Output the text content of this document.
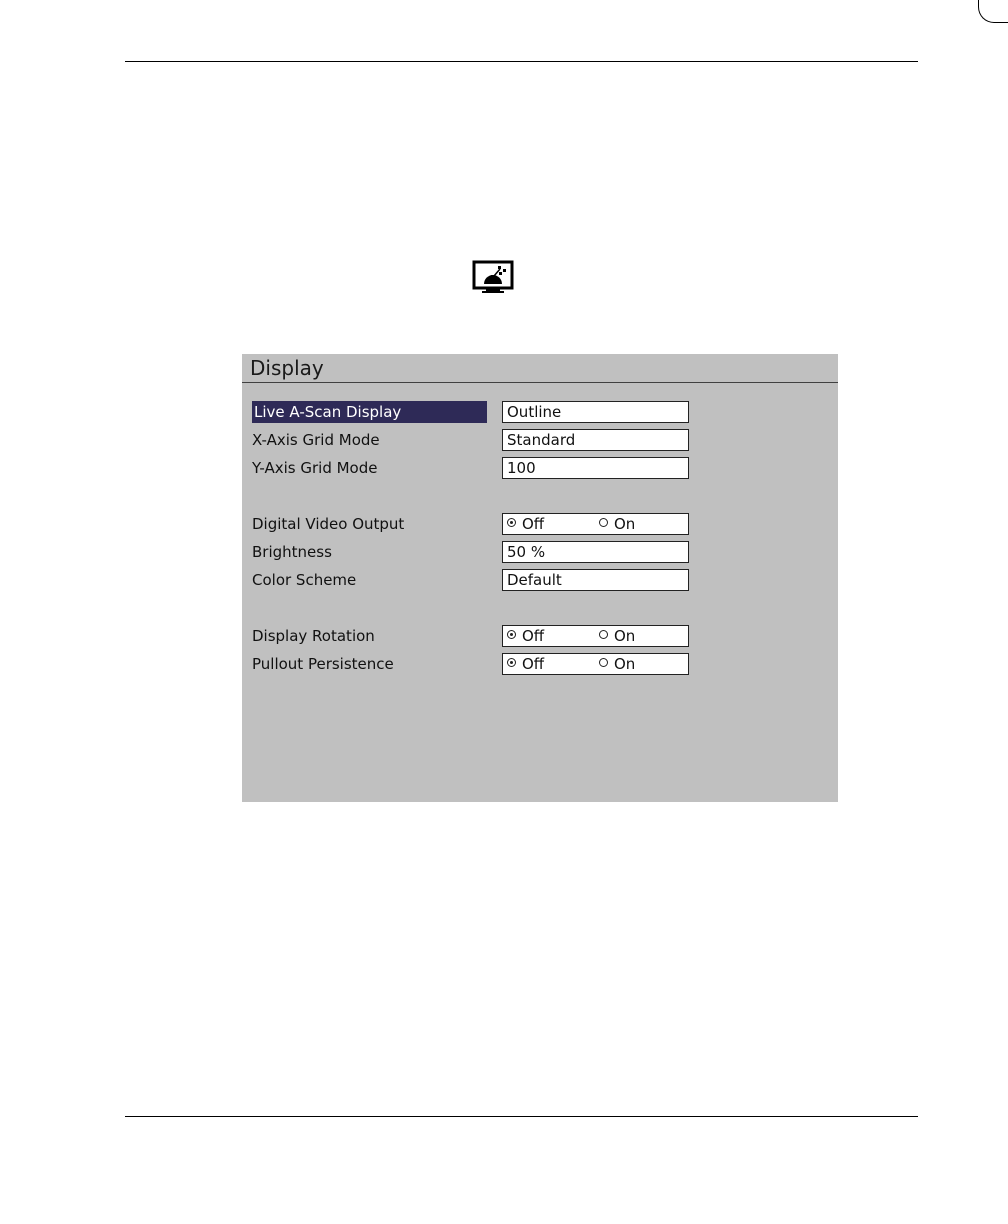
Display
Live A-Scan Display	Outline
X-Axis Grid Mode	Standard
Y-Axis Grid Mode	100
Digital Video Output	Off	On
Brightness	50 %
Color Scheme	Default
Display Rotation	Off	On
Pullout Persistence	Off	On
